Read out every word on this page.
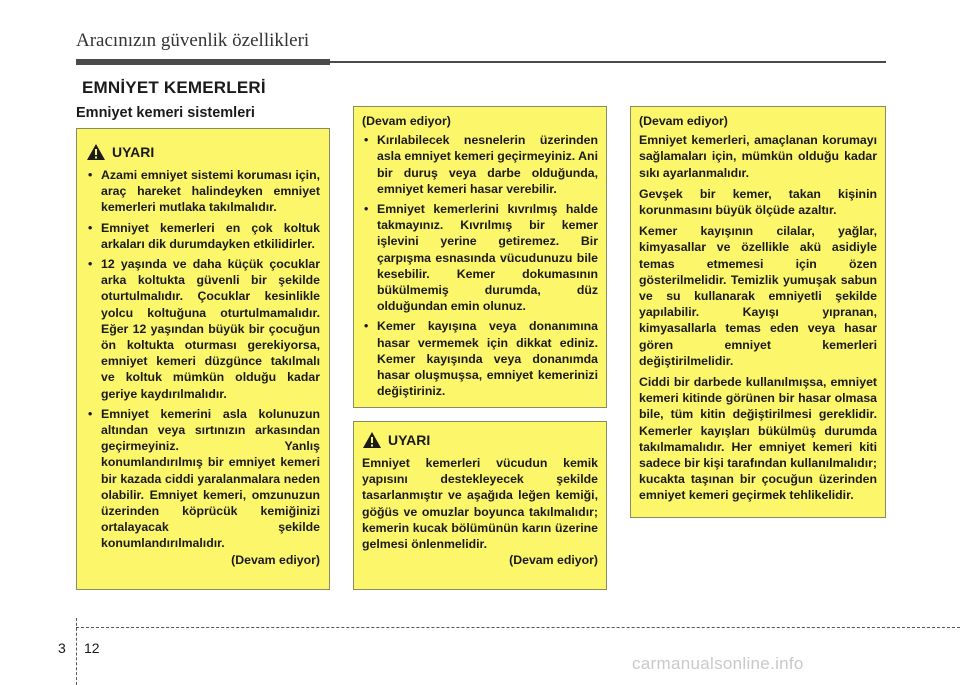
Aracınızın güvenlik özellikleri
EMNİYET KEMERLERİ
Emniyet kemeri sistemleri
UYARI
• Azami emniyet sistemi koruması için, araç hareket halindeyken emniyet kemerleri mutlaka takılmalıdır.
• Emniyet kemerleri en çok koltuk arkaları dik durumdayken etkilidirler.
• 12 yaşında ve daha küçük çocuklar arka koltukta güvenli bir şekilde oturtulmalıdır. Çocuklar kesinlikle yolcu koltuğuna oturtulmamalıdır. Eğer 12 yaşından büyük bir çocuğun ön koltukta oturması gerekiyorsa, emniyet kemeri düzgünce takılmalı ve koltuk mümkün olduğu kadar geriye kaydırılmalıdır.
• Emniyet kemerini asla kolunuzun altından veya sırtınızın arkasından geçirmeyiniz. Yanlış konumlandırılmış bir emniyet kemeri bir kazada ciddi yaralanmalara neden olabilir. Emniyet kemeri, omzunuzun üzerinden köprücük kemiğinizi ortalayacak şekilde konumlandırılmalıdır.

(Devam ediyor)

(Devam ediyor)

• Kırılabilecek nesnelerin üzerinden asla emniyet kemeri geçirmeyiniz. Ani bir duruş veya darbe olduğunda, emniyet kemeri hasar verebilir.
• Emniyet kemerlerini kıvrılmış halde takmayınız. Kıvrılmış bir kemer işlevini yerine getiremez. Bir çarpışma esnasında vücudunuzu bile kesebilir. Kemer dokumasının bükülmemiş durumda, düz olduğundan emin olunuz.
• Kemer kayışına veya donanımına hasar vermemek için dikkat ediniz. Kemer kayışında veya donanımda hasar oluşmuşsa, emniyet kemerinizi değiştiriniz.
UYARI

Emniyet kemerleri vücudun kemik yapısını destekleyecek şekilde tasarlanmıştır ve aşağıda leğen kemiği, göğüs ve omuzlar boyunca takılmalıdır; kemerin kucak bölümünün karın üzerine gelmesi önlenmelidir.

(Devam ediyor)

(Devam ediyor)

Emniyet kemerleri, amaçlanan korumayı sağlamaları için, mümkün olduğu kadar sıkı ayarlanmalıdır.

Gevşek bir kemer, takan kişinin korunmasını büyük ölçüde azaltır.

Kemer kayışının cilalar, yağlar, kimyasallar ve özellikle akü asidiyle temas etmemesi için özen gösterilmelidir. Temizlik yumuşak sabun ve su kullanarak emniyetli şekilde yapılabilir. Kayışı yıpranan, kimyasallarla temas eden veya hasar gören emniyet kemerleri değiştirilmelidir.

Ciddi bir darbede kullanılmışsa, emniyet kemeri kitinde görünen bir hasar olmasa bile, tüm kitin değiştirilmesi gereklidir. Kemerler kayışları bükülmüş durumda takılmamalıdır. Her emniyet kemeri kiti sadece bir kişi tarafından kullanılmalıdır; kucakta taşınan bir çocuğun üzerinden emniyet kemeri geçirmek tehlikelidir.

3 12
carmanualsonline.info
